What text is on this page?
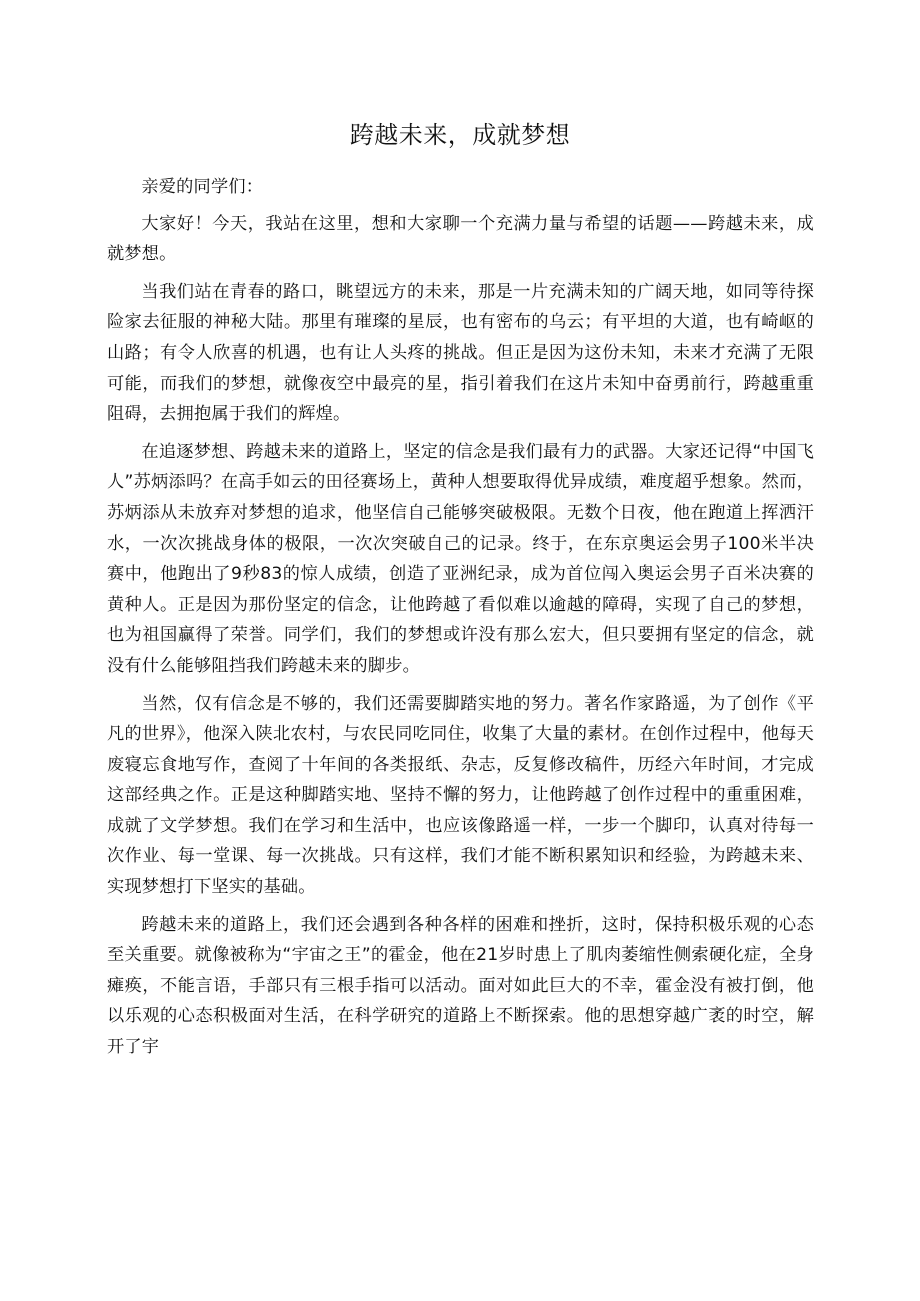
跨越未来，成就梦想

亲爱的同学们：

大家好！今天，我站在这里，想和大家聊一个充满力量与希望的话题——跨越未来，成就梦想。

当我们站在青春的路口，眺望远方的未来，那是一片充满未知的广阔天地，如同等待探险家去征服的神秘大陆。那里有璀璨的星辰，也有密布的乌云；有平坦的大道，也有崎岖的山路；有令人欣喜的机遇，也有让人头疼的挑战。但正是因为这份未知，未来才充满了无限可能，而我们的梦想，就像夜空中最亮的星，指引着我们在这片未知中奋勇前行，跨越重重阻碍，去拥抱属于我们的辉煌。

在追逐梦想、跨越未来的道路上，坚定的信念是我们最有力的武器。大家还记得“中国飞人”苏炳添吗？在高手如云的田径赛场上，黄种人想要取得优异成绩，难度超乎想象。然而，苏炳添从未放弃对梦想的追求，他坚信自己能够突破极限。无数个日夜，他在跑道上挥洒汗水，一次次挑战身体的极限，一次次突破自己的记录。终于，在东京奥运会男子100米半决赛中，他跑出了9秒83的惊人成绩，创造了亚洲纪录，成为首位闯入奥运会男子百米决赛的黄种人。正是因为那份坚定的信念，让他跨越了看似难以逾越的障碍，实现了自己的梦想，也为祖国赢得了荣誉。同学们，我们的梦想或许没有那么宏大，但只要拥有坚定的信念，就没有什么能够阻挡我们跨越未来的脚步。

当然，仅有信念是不够的，我们还需要脚踏实地的努力。著名作家路遥，为了创作《平凡的世界》，他深入陕北农村，与农民同吃同住，收集了大量的素材。在创作过程中，他每天废寝忘食地写作，查阅了十年间的各类报纸、杂志，反复修改稿件，历经六年时间，才完成这部经典之作。正是这种脚踏实地、坚持不懈的努力，让他跨越了创作过程中的重重困难，成就了文学梦想。我们在学习和生活中，也应该像路遥一样，一步一个脚印，认真对待每一次作业、每一堂课、每一次挑战。只有这样，我们才能不断积累知识和经验，为跨越未来、实现梦想打下坚实的基础。

跨越未来的道路上，我们还会遇到各种各样的困难和挫折，这时，保持积极乐观的心态至关重要。就像被称为“宇宙之王”的霍金，他在21岁时患上了肌肉萎缩性侧索硬化症，全身瘫痪，不能言语，手部只有三根手指可以活动。面对如此巨大的不幸，霍金没有被打倒，他以乐观的心态积极面对生活，在科学研究的道路上不断探索。他的思想穿越广袤的时空，解开了宇
